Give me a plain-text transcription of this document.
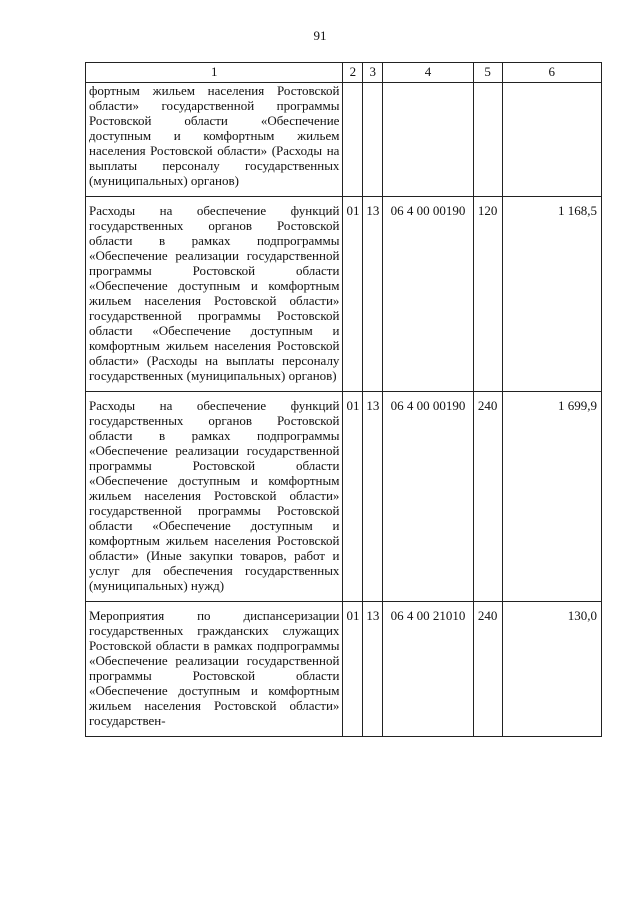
91
1	2	3	4	5	6
фортным жильем населения Ростовской области» государственной программы Ростовской области «Обеспечение доступным и комфортным жильем населения Ростовской области» (Расходы на выплаты персоналу государственных (муниципальных) органов)					
Расходы на обеспечение функций государственных органов Ростовской области в рамках подпрограммы «Обеспечение реализации государственной программы Ростовской области «Обеспечение доступным и комфортным жильем населения Ростовской области» государственной программы Ростовской области «Обеспечение доступным и комфортным жильем населения Ростовской области» (Расходы на выплаты персоналу государственных (муниципальных) органов)	01	13	06 4 00 00190	120	1 168,5
Расходы на обеспечение функций государственных органов Ростовской области в рамках подпрограммы «Обеспечение реализации государственной программы Ростовской области «Обеспечение доступным и комфортным жильем населения Ростовской области» государственной программы Ростовской области «Обеспечение доступным и комфортным жильем населения Ростовской области» (Иные закупки товаров, работ и услуг для обеспечения государственных (муниципальных) нужд)	01	13	06 4 00 00190	240	1 699,9
Мероприятия по диспансеризации государственных гражданских служащих Ростовской области в рамках подпрограммы «Обеспечение реализации государственной программы Ростовской области «Обеспечение доступным и комфортным жильем населения Ростовской области» государствен-	01	13	06 4 00 21010	240	130,0
